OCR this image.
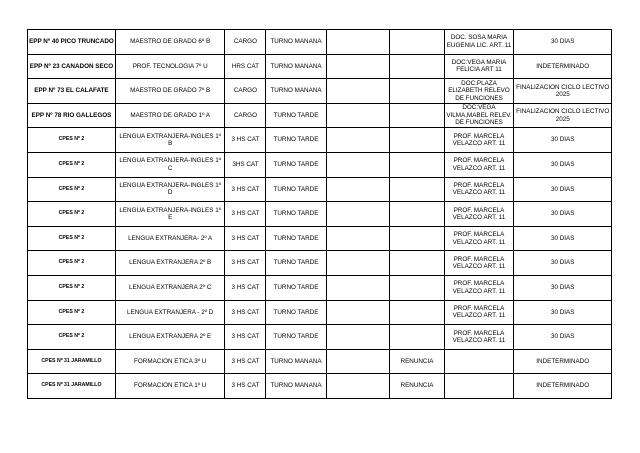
EPP Nº 40 PICO TRUNCADO	MAESTRO DE GRADO 6º B	CARGO	TURNO MAÑANA			DOC. SOSA MARIA EUGENIA LIC. ART. 11	30 DÍAS

EPP Nº 23 CAÑADON SECO	PROF. TECNOLOGIA 7º U	HRS CAT	TURNO MAÑANA			DOC:VEGA MARIA FELICIA ART 11	INDETERMINADO

EPP Nº 73 EL CALAFATE	MAESTRO DE GRADO 7º B	CARGO	TURNO MAÑANA			DOC:PLAZA ELIZABETH RELEVO DE FUNCIONES	FINALIZACION CICLO LECTIVO 2025

EPP Nº 78 RIO GALLEGOS	MAESTRO DE GRADO 1º A	CARGO	TURNO TARDE			DOC:VEGA VILMA,MABEL RELEV. DE FUNCIONES	FINALIZACION CICLO LECTIVO 2025

CPES Nº 2	LENGUA EXTRANJERA-INGLES 1º B	3 HS CAT	TURNO TARDE			PROF. MARCELA VELAZCO ART. 11	30 DÍAS

CPES Nº 2	LENGUA EXTRANJERA-INGLES 1º C	3HS CAT	TURNO TARDE			PROF. MARCELA VELAZCO ART. 11	30 DÍAS

CPES Nº 2	LENGUA EXTRANJERA-INGLES 1º D	3 HS CAT	TURNO TARDE			PROF. MARCELA VELAZCO ART. 11	30 DÍAS

CPES Nº 2	LENGUA EXTRANJERA-INGLES 1º E	3 HS CAT	TURNO TARDE			PROF. MARCELA VELAZCO ART. 11	30 DÍAS

CPES Nº 2	LENGUA EXTRANJERA- 2º A	3 HS CAT	TURNO TARDE			PROF. MARCELA VELAZCO ART. 11	30 DÍAS

CPES Nº 2	LENGUA EXTRANJERA 2º B	3 HS CAT	TURNO TARDE			PROF. MARCELA VELAZCO ART. 11	30 DÍAS

CPES Nº 2	LENGUA EXTRANJERA 2º C	3 HS CAT	TURNO TARDE			PROF. MARCELA VELAZCO ART. 11	30 DÍAS

CPES Nº 2	LENGUA EXTRANJERA - 2º D	3 HS CAT	TURNO TARDE			PROF. MARCELA VELAZCO ART. 11	30 DÍAS

CPES Nº 2	LENGUA EXTRANJERA 2º E	3 HS CAT	TURNO TARDE			PROF. MARCELA VELAZCO ART. 11	30 DÍAS

CPES Nº 31 JARAMILLO	FORMACION ETICA 3º U	3 HS CAT	TURNO MAÑANA		RENUNCIA		INDETERMINADO

CPES Nº 31 JARAMILLO	FORMACION ETICA 1º U	3 HS CAT	TURNO MAÑANA		RENUNCIA		INDETERMINADO
